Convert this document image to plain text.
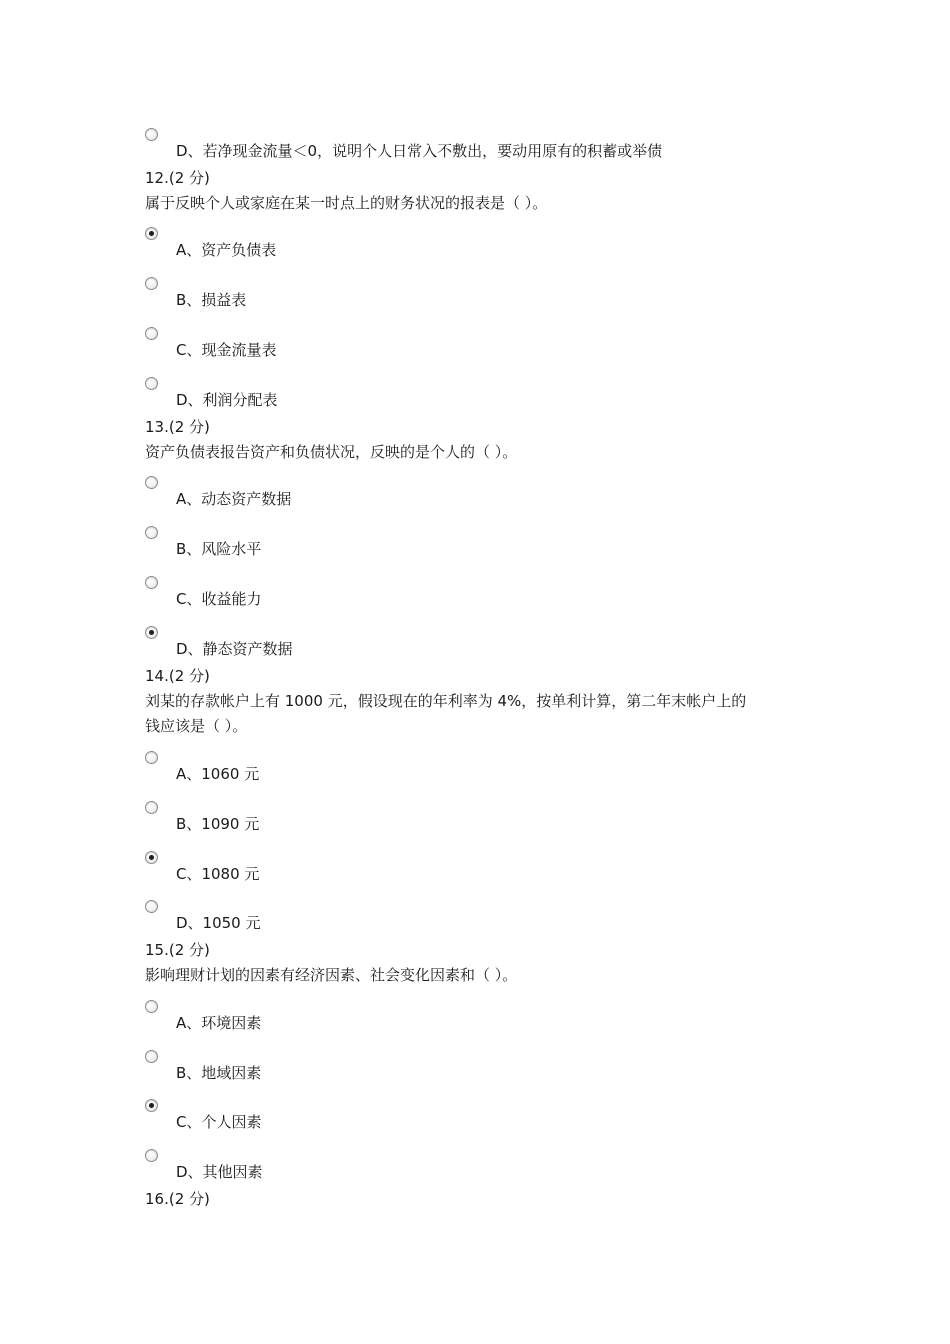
D、若净现金流量＜0，说明个人日常入不敷出，要动用原有的积蓄或举债
12.(2 分)
属于反映个人或家庭在某一时点上的财务状况的报表是（ ）。
A、资产负债表
B、损益表
C、现金流量表
D、利润分配表
13.(2 分)
资产负债表报告资产和负债状况，反映的是个人的（ ）。
A、动态资产数据
B、风险水平
C、收益能力
D、静态资产数据
14.(2 分)
刘某的存款帐户上有 1000 元，假设现在的年利率为 4%，按单利计算，第二年末帐户上的
钱应该是（ ）。
A、1060 元
B、1090 元
C、1080 元
D、1050 元
15.(2 分)
影响理财计划的因素有经济因素、社会变化因素和（ ）。
A、环境因素
B、地域因素
C、个人因素
D、其他因素
16.(2 分)
